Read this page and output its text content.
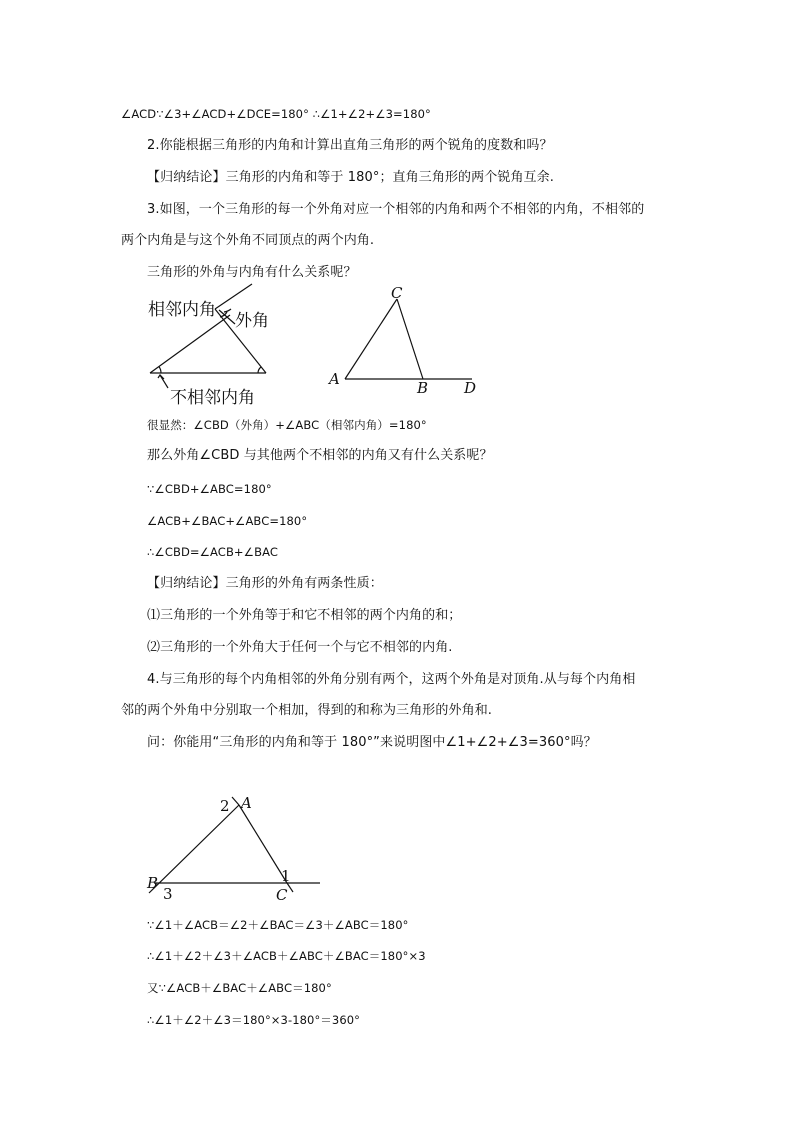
∠ACD∵∠3+∠ACD+∠DCE=180° ∴∠1+∠2+∠3=180°
2.你能根据三角形的内角和计算出直角三角形的两个锐角的度数和吗？
【归纳结论】三角形的内角和等于 180°；直角三角形的两个锐角互余.
3.如图，一个三角形的每一个外角对应一个相邻的内角和两个不相邻的内角，不相邻的
两个内角是与这个外角不同顶点的两个内角.
三角形的外角与内角有什么关系呢？
相邻内角
外角
不相邻内角
C
A	B D
很显然：∠CBD（外角）+∠ABC（相邻内角）=180°
那么外角∠CBD 与其他两个不相邻的内角又有什么关系呢？
∵∠CBD+∠ABC=180°
∠ACB+∠BAC+∠ABC=180°
∴∠CBD=∠ACB+∠BAC
【归纳结论】三角形的外角有两条性质：
⑴三角形的一个外角等于和它不相邻的两个内角的和；
⑵三角形的一个外角大于任何一个与它不相邻的内角.
4.与三角形的每个内角相邻的外角分别有两个，这两个外角是对顶角.从与每个内角相
邻的两个外角中分别取一个相加，得到的和称为三角形的外角和.
问：你能用“三角形的内角和等于 180°”来说明图中∠1+∠2+∠3=360°吗？
A
2
B
3
1
C
∵∠1＋∠ACB＝∠2＋∠BAC＝∠3＋∠ABC＝180°
∴∠1＋∠2＋∠3＋∠ACB＋∠ABC＋∠BAC＝180°×3
又∵∠ACB＋∠BAC＋∠ABC＝180°
∴∠1＋∠2＋∠3＝180°×3-180°＝360°
